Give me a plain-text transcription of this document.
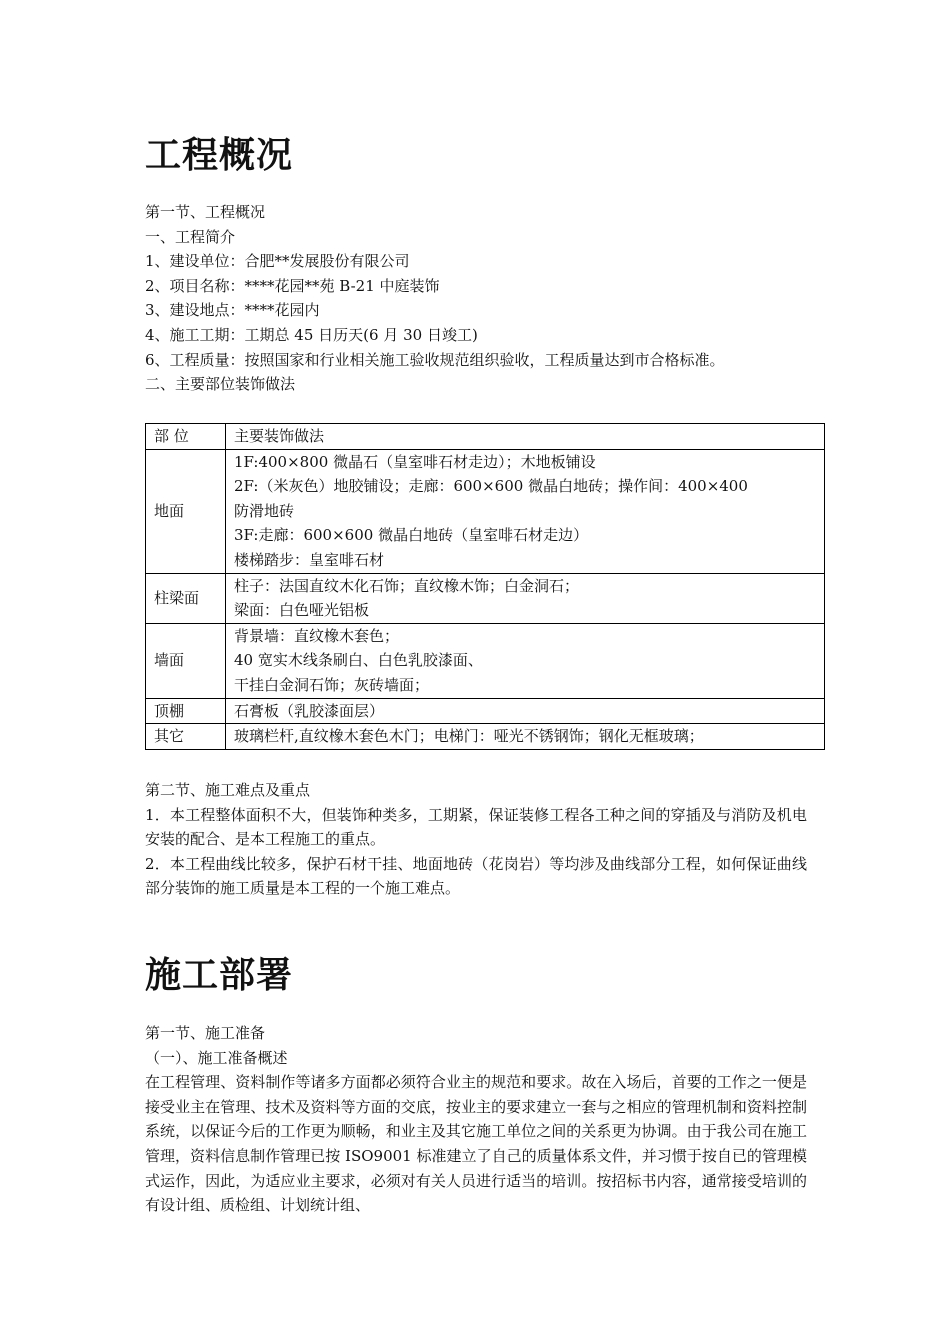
工程概况
第一节、工程概况
一、工程简介
1、建设单位：合肥**发展股份有限公司
2、项目名称：****花园**苑 B-21 中庭装饰
3、建设地点：****花园内
4、施工工期：工期总 45 日历天(6 月 30 日竣工)
6、工程质量：按照国家和行业相关施工验收规范组织验收，工程质量达到市合格标准。
二、主要部位装饰做法
部 位	主要装饰做法
地面	1F:400×800 微晶石（皇室啡石材走边）；木地板铺设
2F:（米灰色）地胶铺设；走廊：600×600 微晶白地砖；操作间：400×400
防滑地砖
3F:走廊：600×600 微晶白地砖（皇室啡石材走边）
楼梯踏步：皇室啡石材

柱梁面	柱子：法国直纹木化石饰；直纹橡木饰；白金洞石；
梁面：白色哑光铝板

墙面	背景墙：直纹橡木套色；
40 宽实木线条刷白、白色乳胶漆面、
干挂白金洞石饰；灰砖墙面；

顶棚	石膏板（乳胶漆面层）

其它	玻璃栏杆,直纹橡木套色木门；电梯门：哑光不锈钢饰；钢化无框玻璃；
第二节、施工难点及重点

1．本工程整体面积不大，但装饰种类多，工期紧，保证装修工程各工种之间的穿插及与消防及机电安装的配合、是本工程施工的重点。

2．本工程曲线比较多，保护石材干挂、地面地砖（花岗岩）等均涉及曲线部分工程，如何保证曲线部分装饰的施工质量是本工程的一个施工难点。

施工部署
第一节、施工准备
（一）、施工准备概述

在工程管理、资料制作等诸多方面都必须符合业主的规范和要求。故在入场后，首要的工作之一便是接受业主在管理、技术及资料等方面的交底，按业主的要求建立一套与之相应的管理机制和资料控制系统，以保证今后的工作更为顺畅，和业主及其它施工单位之间的关系更为协调。由于我公司在施工管理，资料信息制作管理已按 ISO9001 标准建立了自己的质量体系文件，并习惯于按自已的管理模式运作，因此，为适应业主要求，必须对有关人员进行适当的培训。按招标书内容，通常接受培训的有设计组、质检组、计划统计组、
